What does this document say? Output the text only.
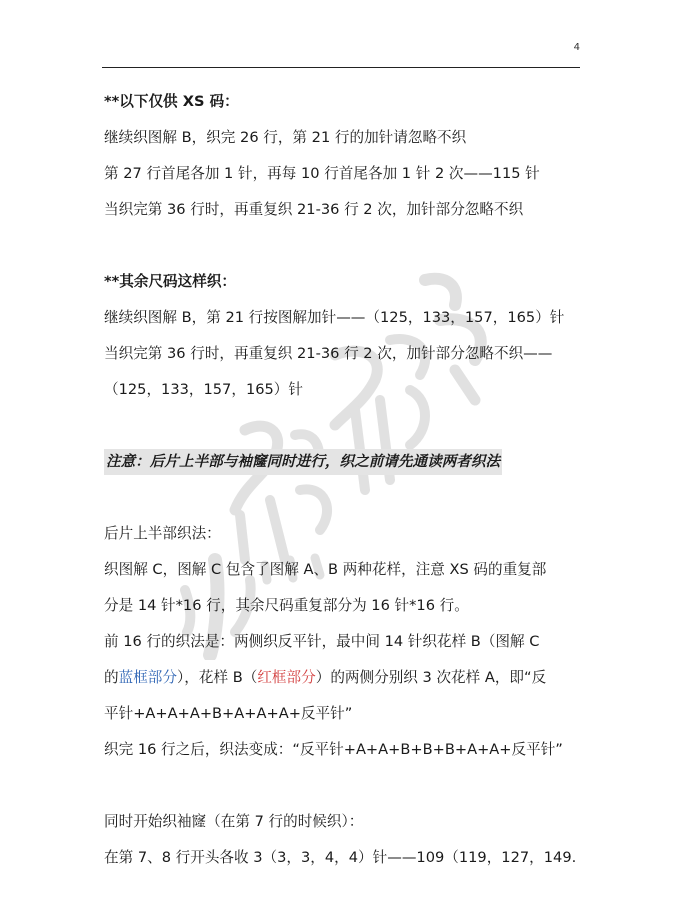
4
**以下仅供 XS 码：
继续织图解 B，织完 26 行，第 21 行的加针请忽略不织
第 27 行首尾各加 1 针，再每 10 行首尾各加 1 针 2 次——115 针
当织完第 36 行时，再重复织 21-36 行 2 次，加针部分忽略不织
**其余尺码这样织：
继续织图解 B，第 21 行按图解加针——（125，133，157，165）针
当织完第 36 行时，再重复织 21-36 行 2 次，加针部分忽略不织——
（125，133，157，165）针
注意：后片上半部与袖窿同时进行，织之前请先通读两者织法
后片上半部织法：
织图解 C，图解 C 包含了图解 A、B 两种花样，注意 XS 码的重复部
分是 14 针*16 行，其余尺码重复部分为 16 针*16 行。
前 16 行的织法是：两侧织反平针，最中间 14 针织花样 B（图解 C
的蓝框部分），花样 B（红框部分）的两侧分别织 3 次花样 A，即“反
平针+A+A+A+B+A+A+A+反平针”
织完 16 行之后，织法变成：“反平针+A+A+B+B+B+A+A+反平针”
同时开始织袖窿（在第 7 行的时候织）：
在第 7、8 行开头各收 3（3，3，4，4）针——109（119，127，149.
